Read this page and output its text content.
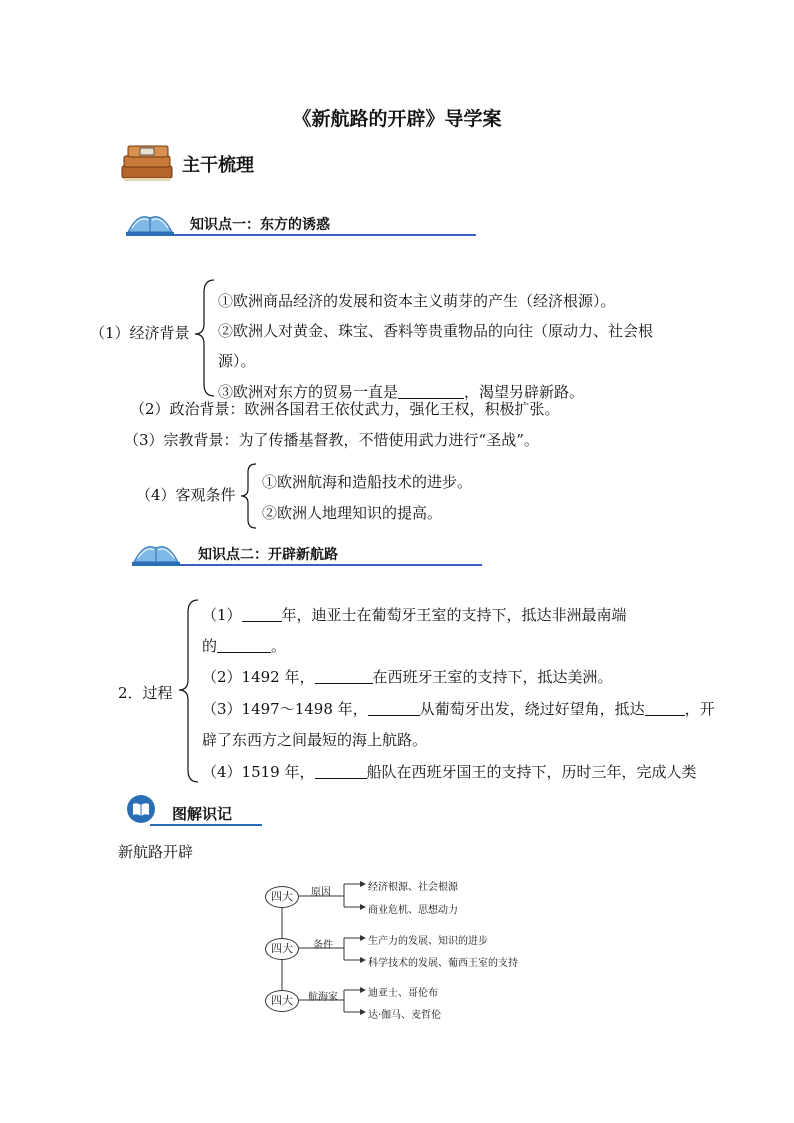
《新航路的开辟》导学案
主干梳理
知识点一：东方的诱惑
（1）经济背景
①欧洲商品经济的发展和资本主义萌芽的产生（经济根源）。
②欧洲人对黄金、珠宝、香料等贵重物品的向往（原动力、社会根
源）。
③欧洲对东方的贸易一直是	，渴望另辟新路。
（2）政治背景：欧洲各国君王依仗武力，强化王权，积极扩张。
（3）宗教背景：为了传播基督教，不惜使用武力进行“圣战”。
（4）客观条件
①欧洲航海和造船技术的进步。
②欧洲人地理知识的提高。
知识点二：开辟新航路
2．过程
（1）	年，迪亚士在葡萄牙王室的支持下，抵达非洲最南端
的	。
（2）1492 年，	在西班牙王室的支持下，抵达美洲。
（3）1497～1498 年，	从葡萄牙出发，绕过好望角，抵达	，开
辟了东西方之间最短的海上航路。
（4）1519 年，	船队在西班牙国王的支持下，历时三年，完成人类
图解识记
新航路开辟
四大	原因	经济根源、社会根源
商业危机、思想动力
四大	条件	生产力的发展、知识的进步
科学技术的发展、葡西王室的支持
四大	航海家	迪亚士、哥伦布
达·伽马、麦哲伦
